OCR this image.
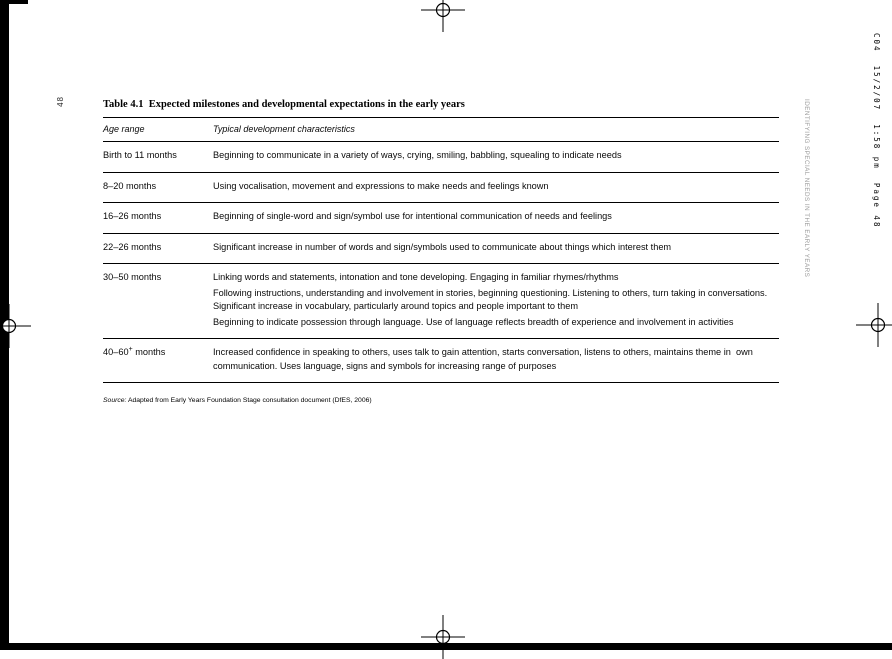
C04  15/2/07  1:58 pm  Page 48
IDENTIFYING SPECIAL NEEDS IN THE EARLY YEARS
48	Table 4.1  Expected milestones and developmental expectations in the early years
Age range	Typical development characteristics
Birth to 11 months	Beginning to communicate in a variety of ways, crying, smiling, babbling, squealing to indicate needs

8–20 months	Using vocalisation, movement and expressions to make needs and feelings known

16–26 months	Beginning of single-word and sign/symbol use for intentional communication of needs and feelings

22–26 months	Significant increase in number of words and sign/symbols used to communicate about things which interest them

30–50 months	Linking words and statements, intonation and tone developing. Engaging in familiar rhymes/rhythms

Following instructions, understanding and involvement in stories, beginning questioning. Listening to others, turn taking in conversations. Significant increase in vocabulary, particularly around topics and people important to them

Beginning to indicate possession through language. Use of language reflects breadth of experience and involvement in activities

40–60+ months	Increased confidence in speaking to others, uses talk to gain attention, starts conversation, listens to others, maintains theme in  own communication. Uses language, signs and symbols for increasing range of purposes

Source: Adapted from Early Years Foundation Stage consultation document (DfES, 2006)
